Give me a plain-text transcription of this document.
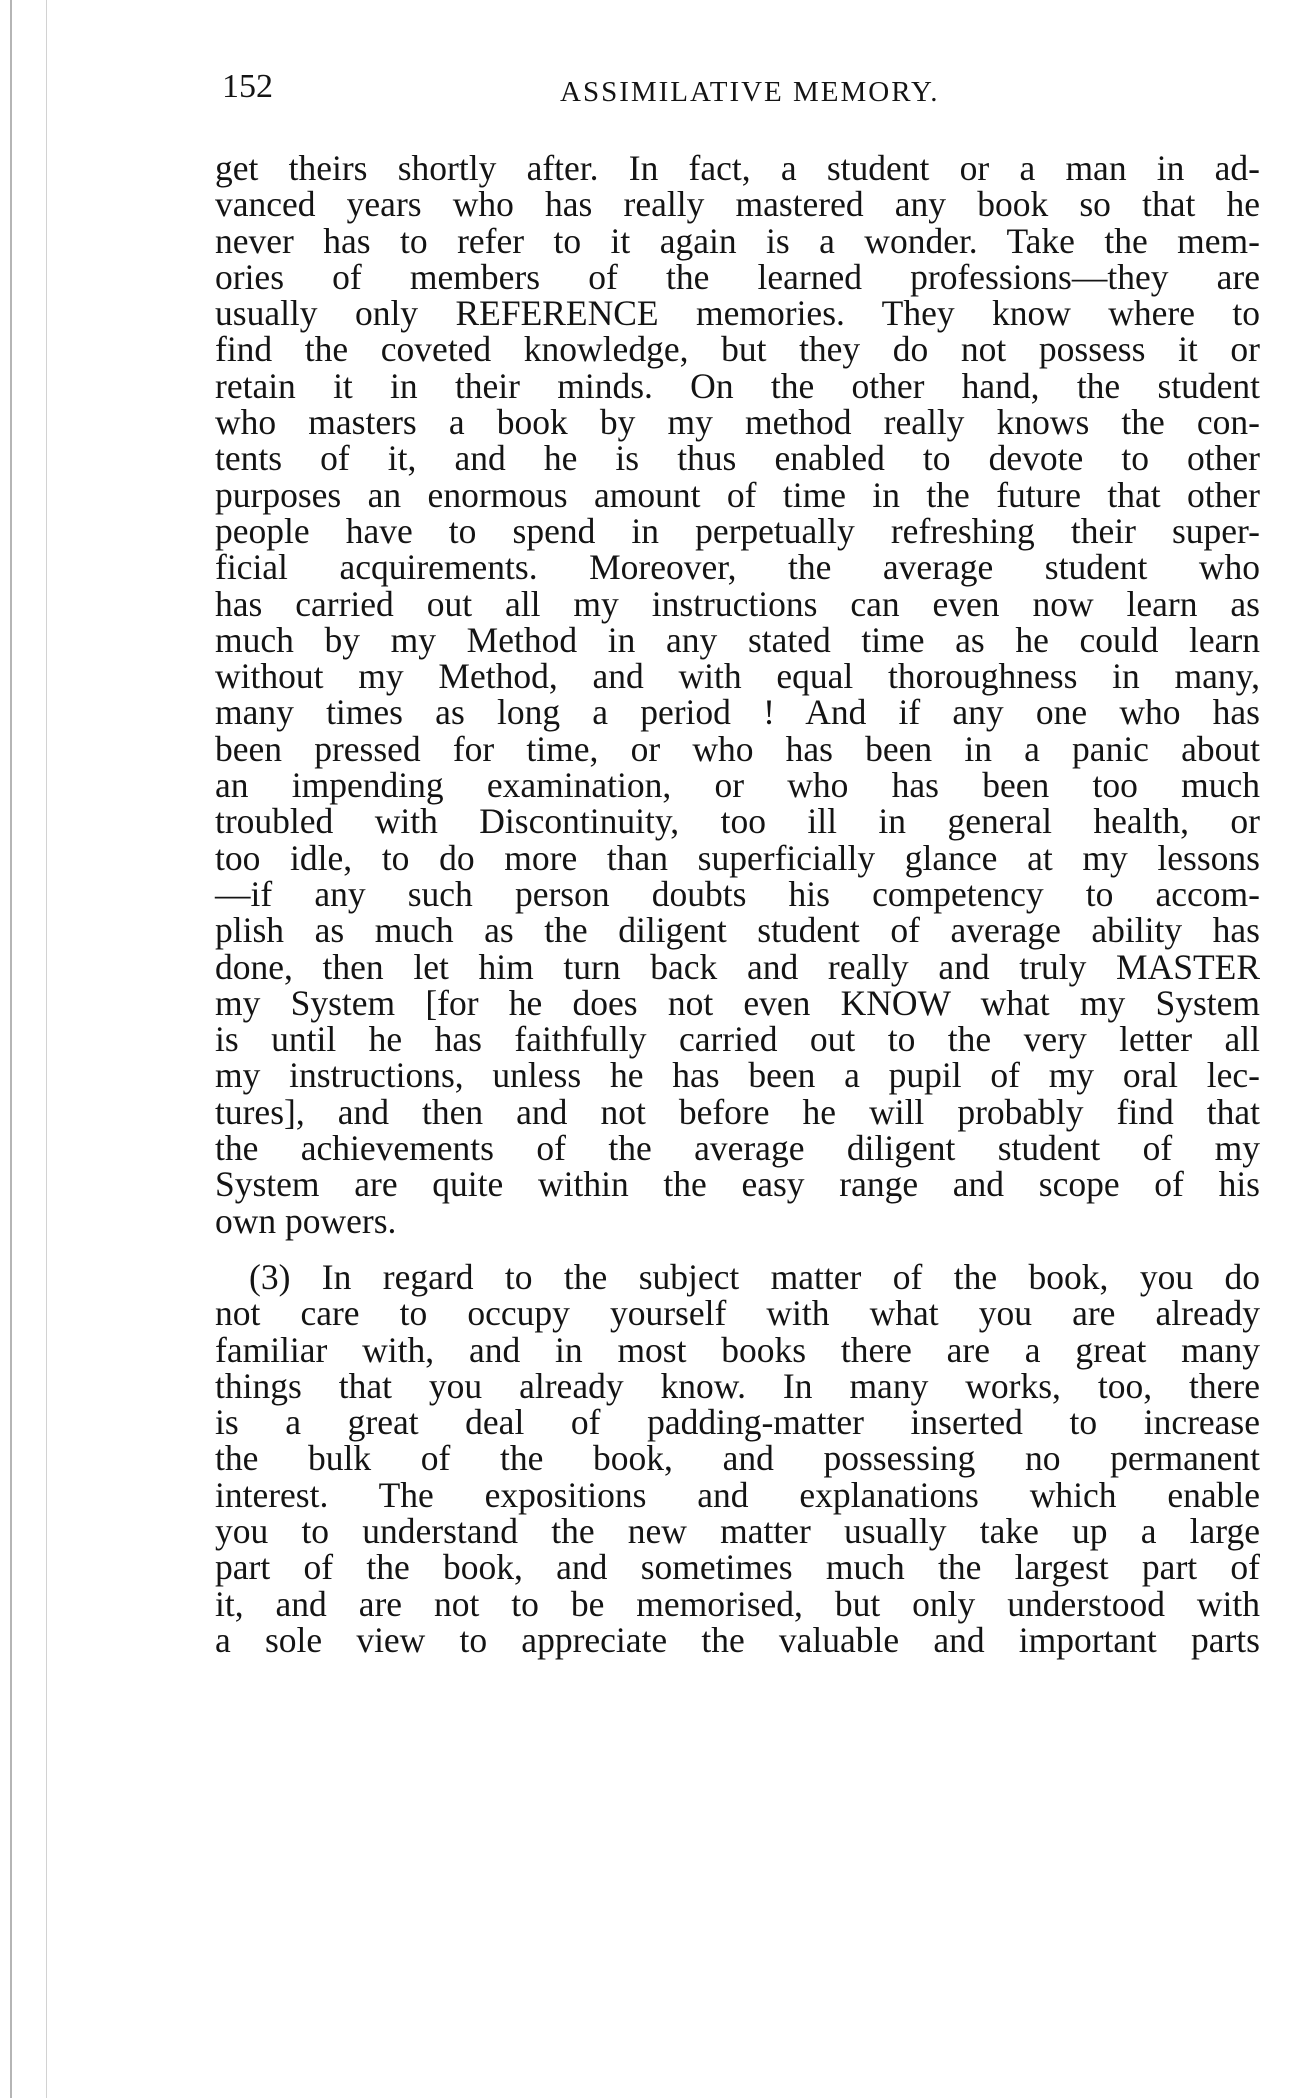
152	ASSIMILATIVE MEMORY.
get theirs shortly after. In fact, a student or a man in ad-
vanced years who has really mastered any book so that he
never has to refer to it again is a wonder. Take the mem-
ories of members of the learned professions—they are
usually only REFERENCE memories. They know where to
find the coveted knowledge, but they do not possess it or
retain it in their minds. On the other hand, the student
who masters a book by my method really knows the con-
tents of it, and he is thus enabled to devote to other
purposes an enormous amount of time in the future that other
people have to spend in perpetually refreshing their super-
ficial acquirements. Moreover, the average student who
has carried out all my instructions can even now learn as
much by my Method in any stated time as he could learn
without my Method, and with equal thoroughness in many,
many times as long a period ! And if any one who has
been pressed for time, or who has been in a panic about
an impending examination, or who has been too much
troubled with Discontinuity, too ill in general health, or
too idle, to do more than superficially glance at my lessons
—if any such person doubts his competency to accom-
plish as much as the diligent student of average ability has
done, then let him turn back and really and truly MASTER
my System [for he does not even KNOW what my System
is until he has faithfully carried out to the very letter all
my instructions, unless he has been a pupil of my oral lec-
tures], and then and not before he will probably find that
the achievements of the average diligent student of my
System are quite within the easy range and scope of his
own powers.
(3) In regard to the subject matter of the book, you do
not care to occupy yourself with what you are already
familiar with, and in most books there are a great many
things that you already know. In many works, too, there
is a great deal of padding-matter inserted to increase
the bulk of the book, and possessing no permanent
interest. The expositions and explanations which enable
you to understand the new matter usually take up a large
part of the book, and sometimes much the largest part of
it, and are not to be memorised, but only understood with
a sole view to appreciate the valuable and important parts
